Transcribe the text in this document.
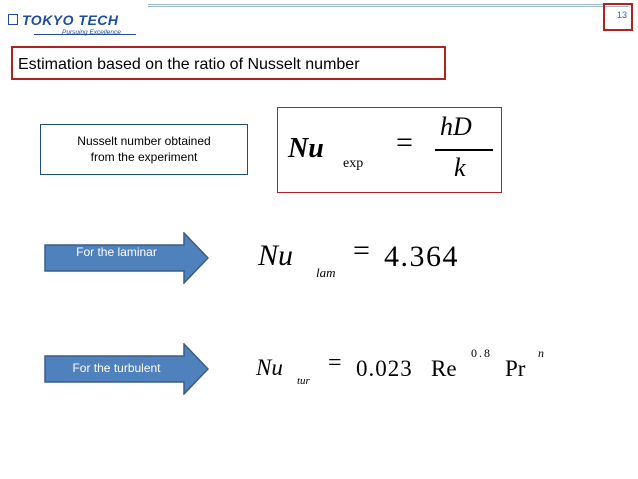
TOKYO TECH
Pursuing Excellence
13
Estimation based on the ratio of Nusselt number
Nusselt number obtained
from the experiment	Nu exp
= hD
k
For the laminar	Nu
lam
= 4.364
For the turbulent	Nu
tur
= 0.023 Re
0.8
Pr
n
